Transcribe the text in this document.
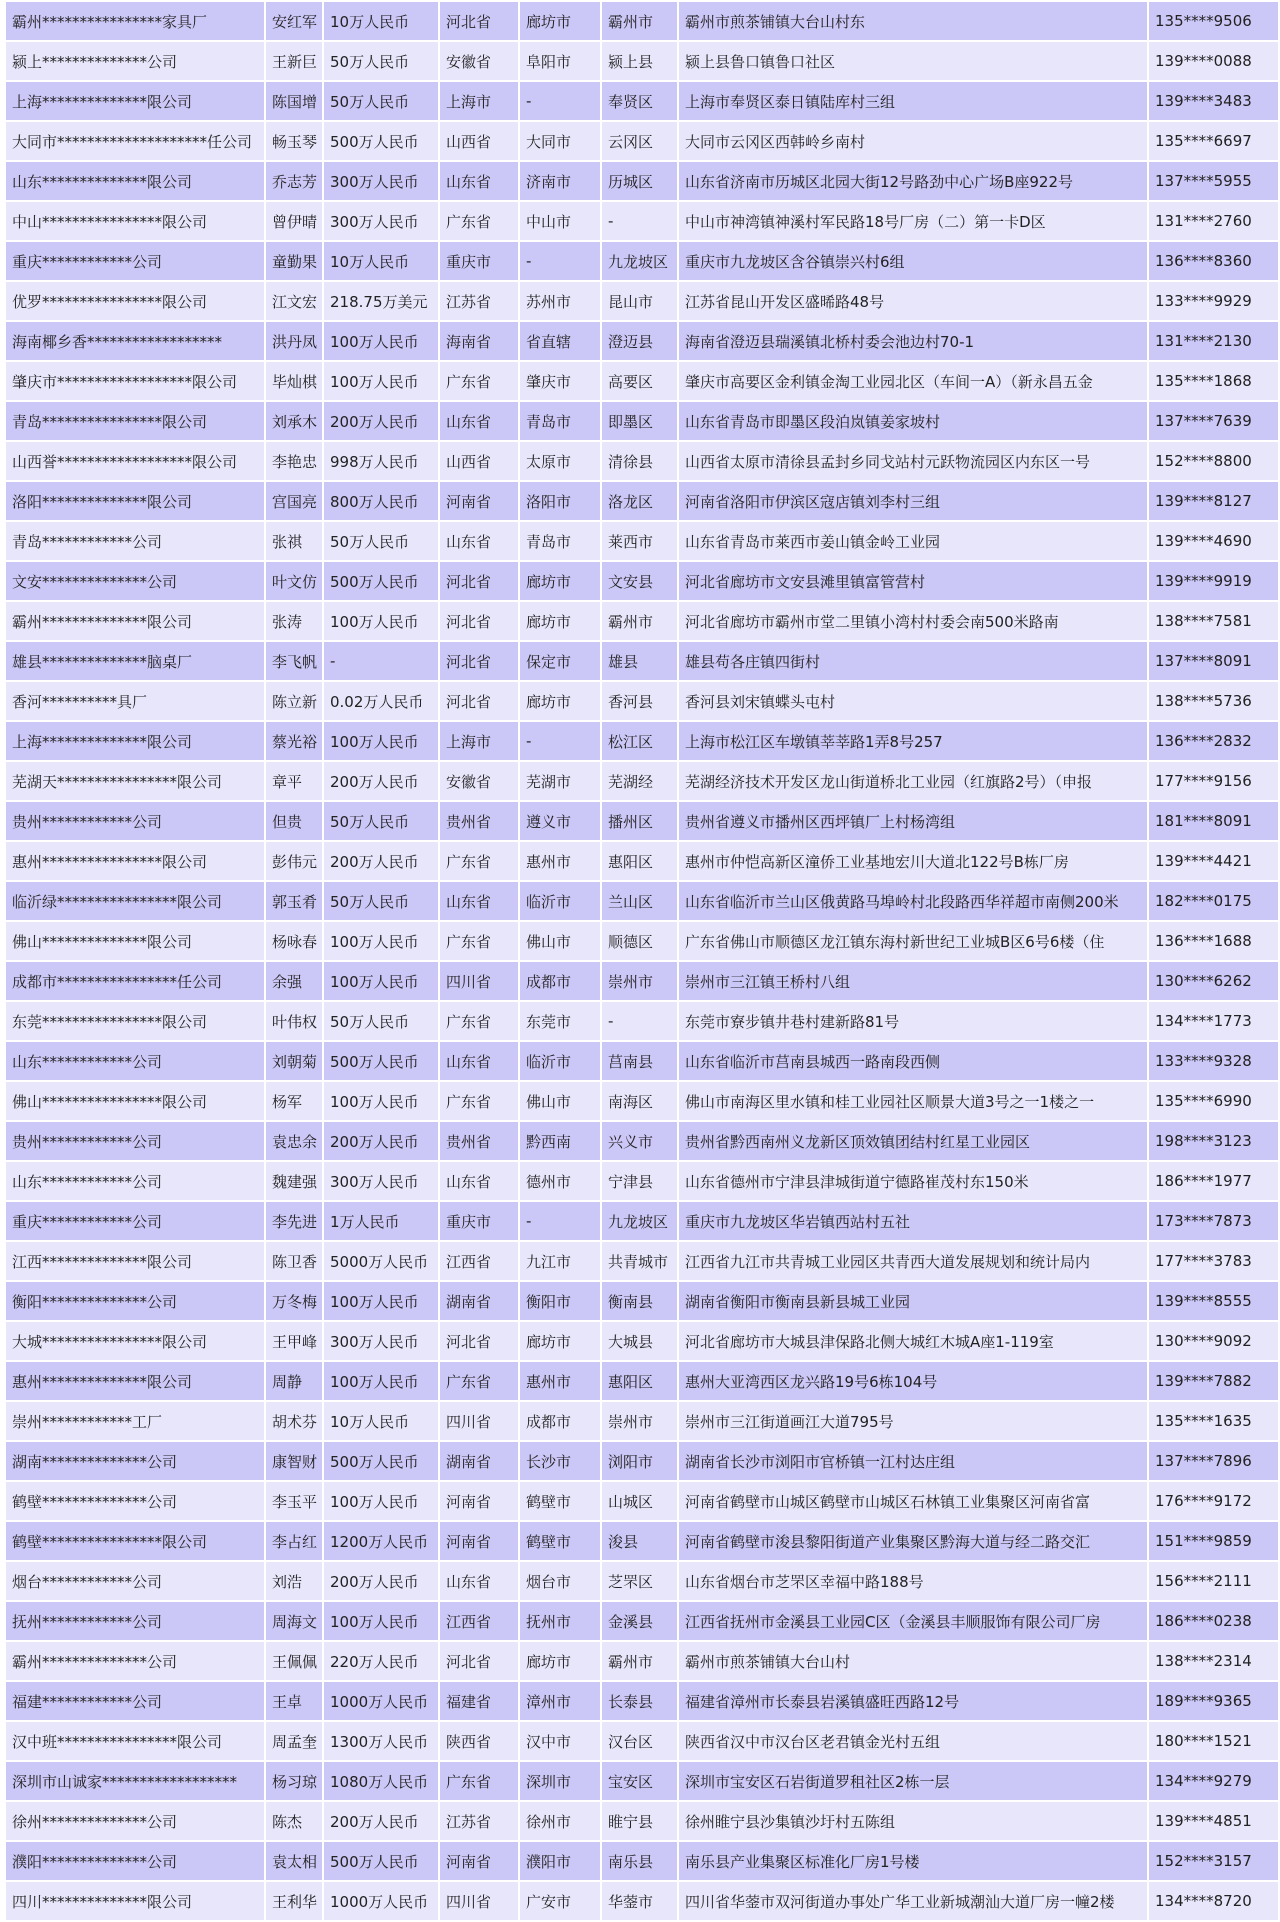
霸州****************家具厂	安红军	10万人民币	河北省	廊坊市	霸州市	霸州市煎茶铺镇大台山村东	135****9506
颍上**************公司	王新巨	50万人民币	安徽省	阜阳市	颍上县	颍上县鲁口镇鲁口社区	139****0088
上海**************限公司	陈国增	50万人民币	上海市	-	奉贤区	上海市奉贤区泰日镇陆库村三组	139****3483
大同市********************任公司	畅玉琴	500万人民币	山西省	大同市	云冈区	大同市云冈区西韩岭乡南村	135****6697
山东**************限公司	乔志芳	300万人民币	山东省	济南市	历城区	山东省济南市历城区北园大街12号路劲中心广场B座922号	137****5955
中山****************限公司	曾伊晴	300万人民币	广东省	中山市	-	中山市神湾镇神溪村军民路18号厂房（二）第一卡D区	131****2760
重庆************公司	童勤果	10万人民币	重庆市	-	九龙坡区	重庆市九龙坡区含谷镇崇兴村6组	136****8360
优罗****************限公司	江文宏	218.75万美元	江苏省	苏州市	昆山市	江苏省昆山开发区盛晞路48号	133****9929
海南椰乡香******************	洪丹凤	100万人民币	海南省	省直辖	澄迈县	海南省澄迈县瑞溪镇北桥村委会池边村70-1	131****2130
肇庆市******************限公司	毕灿棋	100万人民币	广东省	肇庆市	高要区	肇庆市高要区金利镇金淘工业园北区（车间一A）（新永昌五金	135****1868
青岛****************限公司	刘承木	200万人民币	山东省	青岛市	即墨区	山东省青岛市即墨区段泊岚镇姜家坡村	137****7639
山西誉******************限公司	李艳忠	998万人民币	山西省	太原市	清徐县	山西省太原市清徐县孟封乡同戈站村元跃物流园区内东区一号	152****8800
洛阳**************限公司	宫国亮	800万人民币	河南省	洛阳市	洛龙区	河南省洛阳市伊滨区寇店镇刘李村三组	139****8127
青岛************公司	张祺	50万人民币	山东省	青岛市	莱西市	山东省青岛市莱西市姜山镇金岭工业园	139****4690
文安**************公司	叶文仿	500万人民币	河北省	廊坊市	文安县	河北省廊坊市文安县滩里镇富管营村	139****9919
霸州**************限公司	张涛	100万人民币	河北省	廊坊市	霸州市	河北省廊坊市霸州市堂二里镇小湾村村委会南500米路南	138****7581
雄县**************脑桌厂	李飞帆	-	河北省	保定市	雄县	雄县苟各庄镇四街村	137****8091
香河**********具厂	陈立新	0.02万人民币	河北省	廊坊市	香河县	香河县刘宋镇蝶头屯村	138****5736
上海**************限公司	蔡光裕	100万人民币	上海市	-	松江区	上海市松江区车墩镇莘莘路1弄8号257	136****2832
芜湖天****************限公司	章平	200万人民币	安徽省	芜湖市	芜湖经	芜湖经济技术开发区龙山街道桥北工业园（红旗路2号）（申报	177****9156
贵州************公司	但贵	50万人民币	贵州省	遵义市	播州区	贵州省遵义市播州区西坪镇厂上村杨湾组	181****8091
惠州****************限公司	彭伟元	200万人民币	广东省	惠州市	惠阳区	惠州市仲恺高新区潼侨工业基地宏川大道北122号B栋厂房	139****4421
临沂绿****************限公司	郭玉肴	50万人民币	山东省	临沂市	兰山区	山东省临沂市兰山区俄黄路马埠岭村北段路西华祥超市南侧200米	182****0175
佛山**************限公司	杨咏春	100万人民币	广东省	佛山市	顺德区	广东省佛山市顺德区龙江镇东海村新世纪工业城B区6号6楼（住	136****1688
成都市****************任公司	余强	100万人民币	四川省	成都市	崇州市	崇州市三江镇王桥村八组	130****6262
东莞****************限公司	叶伟权	50万人民币	广东省	东莞市	-	东莞市寮步镇井巷村建新路81号	134****1773
山东************公司	刘朝菊	500万人民币	山东省	临沂市	莒南县	山东省临沂市莒南县城西一路南段西侧	133****9328
佛山****************限公司	杨军	100万人民币	广东省	佛山市	南海区	佛山市南海区里水镇和桂工业园社区顺景大道3号之一1楼之一	135****6990
贵州************公司	袁忠余	200万人民币	贵州省	黔西南	兴义市	贵州省黔西南州义龙新区顶效镇团结村红星工业园区	198****3123
山东************公司	魏建强	300万人民币	山东省	德州市	宁津县	山东省德州市宁津县津城街道宁德路崔茂村东150米	186****1977
重庆************公司	李先进	1万人民币	重庆市	-	九龙坡区	重庆市九龙坡区华岩镇西站村五社	173****7873
江西**************限公司	陈卫香	5000万人民币	江西省	九江市	共青城市	江西省九江市共青城工业园区共青西大道发展规划和统计局内	177****3783
衡阳**************公司	万冬梅	100万人民币	湖南省	衡阳市	衡南县	湖南省衡阳市衡南县新县城工业园	139****8555
大城****************限公司	王甲峰	300万人民币	河北省	廊坊市	大城县	河北省廊坊市大城县津保路北侧大城红木城A座1-119室	130****9092
惠州**************限公司	周静	100万人民币	广东省	惠州市	惠阳区	惠州大亚湾西区龙兴路19号6栋104号	139****7882
崇州************工厂	胡术芬	10万人民币	四川省	成都市	崇州市	崇州市三江街道画江大道795号	135****1635
湖南**************公司	康智财	500万人民币	湖南省	长沙市	浏阳市	湖南省长沙市浏阳市官桥镇一江村达庄组	137****7896
鹤壁**************公司	李玉平	100万人民币	河南省	鹤壁市	山城区	河南省鹤壁市山城区鹤壁市山城区石林镇工业集聚区河南省富	176****9172
鹤壁****************限公司	李占红	1200万人民币	河南省	鹤壁市	浚县	河南省鹤壁市浚县黎阳街道产业集聚区黔海大道与经二路交汇	151****9859
烟台************公司	刘浩	200万人民币	山东省	烟台市	芝罘区	山东省烟台市芝罘区幸福中路188号	156****2111
抚州************公司	周海文	100万人民币	江西省	抚州市	金溪县	江西省抚州市金溪县工业园C区（金溪县丰顺服饰有限公司厂房	186****0238
霸州**************公司	王佩佩	220万人民币	河北省	廊坊市	霸州市	霸州市煎茶铺镇大台山村	138****2314
福建************公司	王卓	1000万人民币	福建省	漳州市	长泰县	福建省漳州市长泰县岩溪镇盛旺西路12号	189****9365
汉中班****************限公司	周孟奎	1300万人民币	陕西省	汉中市	汉台区	陕西省汉中市汉台区老君镇金光村五组	180****1521
深圳市山诚家******************	杨习琼	1080万人民币	广东省	深圳市	宝安区	深圳市宝安区石岩街道罗租社区2栋一层	134****9279
徐州**************公司	陈杰	200万人民币	江苏省	徐州市	睢宁县	徐州睢宁县沙集镇沙圩村五陈组	139****4851
濮阳**************公司	袁太相	500万人民币	河南省	濮阳市	南乐县	南乐县产业集聚区标准化厂房1号楼	152****3157
四川**************限公司	王利华	1000万人民币	四川省	广安市	华蓥市	四川省华蓥市双河街道办事处广华工业新城潮汕大道厂房一幢2楼	134****8720
